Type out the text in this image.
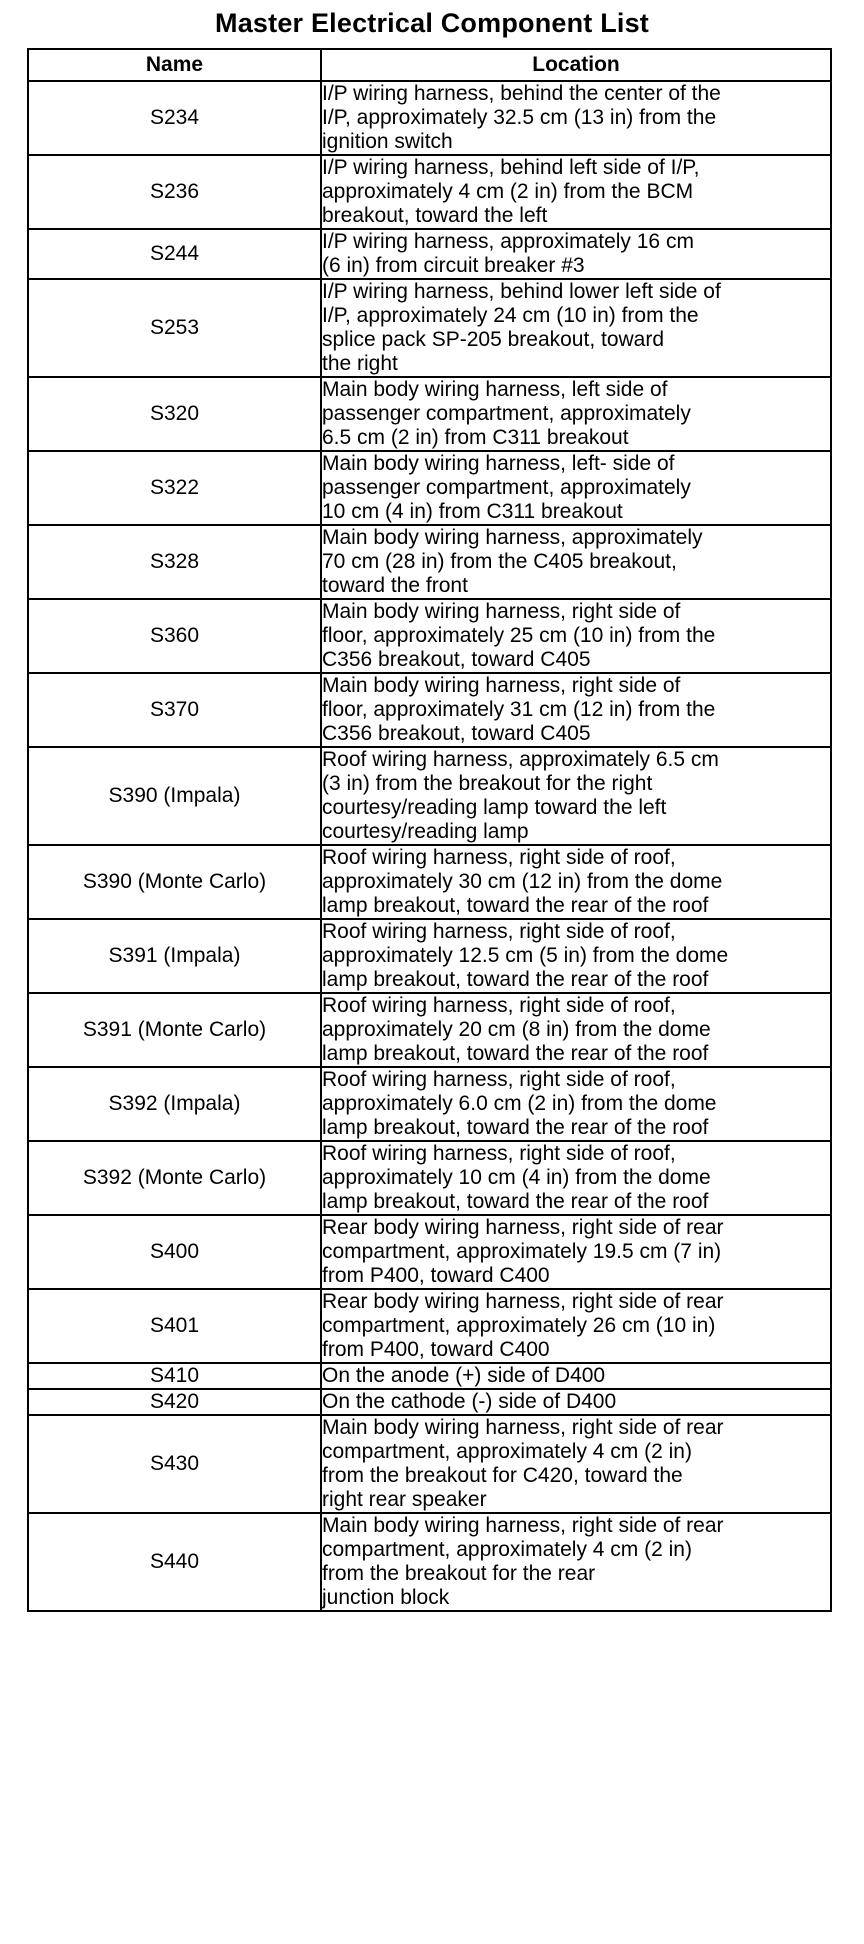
Master Electrical Component List
Name	Location
S234	I/P wiring harness, behind the center of the
I/P, approximately 32.5 cm (13 in) from the
ignition switch
S236	I/P wiring harness, behind left side of I/P,
approximately 4 cm (2 in) from the BCM
breakout, toward the left
S244	I/P wiring harness, approximately 16 cm
(6 in) from circuit breaker #3
S253	I/P wiring harness, behind lower left side of
I/P, approximately 24 cm (10 in) from the
splice pack SP-205 breakout, toward
the right
S320	Main body wiring harness, left side of
passenger compartment, approximately
6.5 cm (2 in) from C311 breakout
S322	Main body wiring harness, left- side of
passenger compartment, approximately
10 cm (4 in) from C311 breakout
S328	Main body wiring harness, approximately
70 cm (28 in) from the C405 breakout,
toward the front
S360	Main body wiring harness, right side of
floor, approximately 25 cm (10 in) from the
C356 breakout, toward C405
S370	Main body wiring harness, right side of
floor, approximately 31 cm (12 in) from the
C356 breakout, toward C405
S390 (Impala)	Roof wiring harness, approximately 6.5 cm
(3 in) from the breakout for the right
courtesy/reading lamp toward the left
courtesy/reading lamp
S390 (Monte Carlo)	Roof wiring harness, right side of roof,
approximately 30 cm (12 in) from the dome
lamp breakout, toward the rear of the roof
S391 (Impala)	Roof wiring harness, right side of roof,
approximately 12.5 cm (5 in) from the dome
lamp breakout, toward the rear of the roof
S391 (Monte Carlo)	Roof wiring harness, right side of roof,
approximately 20 cm (8 in) from the dome
lamp breakout, toward the rear of the roof
S392 (Impala)	Roof wiring harness, right side of roof,
approximately 6.0 cm (2 in) from the dome
lamp breakout, toward the rear of the roof
S392 (Monte Carlo)	Roof wiring harness, right side of roof,
approximately 10 cm (4 in) from the dome
lamp breakout, toward the rear of the roof
S400	Rear body wiring harness, right side of rear
compartment, approximately 19.5 cm (7 in)
from P400, toward C400
S401	Rear body wiring harness, right side of rear
compartment, approximately 26 cm (10 in)
from P400, toward C400
S410	On the anode (+) side of D400
S420	On the cathode (-) side of D400
S430	Main body wiring harness, right side of rear
compartment, approximately 4 cm (2 in)
from the breakout for C420, toward the
right rear speaker
S440	Main body wiring harness, right side of rear
compartment, approximately 4 cm (2 in)
from the breakout for the rear
junction block
